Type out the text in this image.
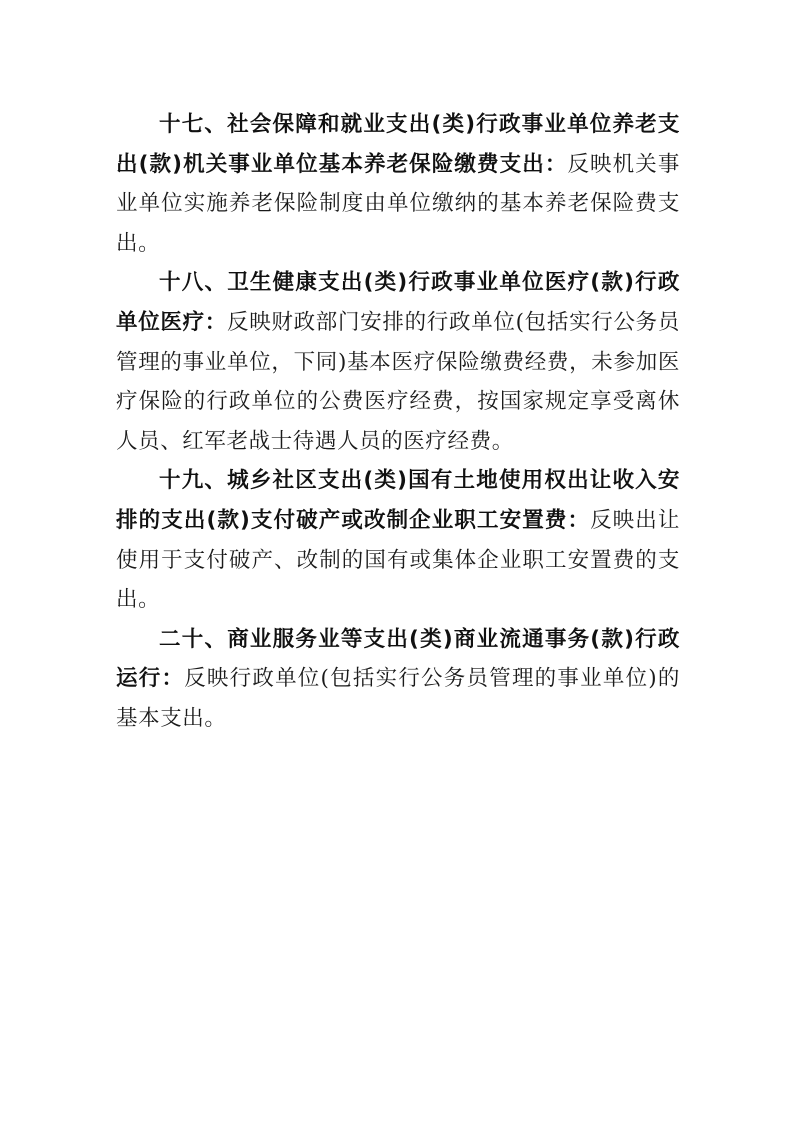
十七、社会保障和就业支出(类)行政事业单位养老支出(款)机关事业单位基本养老保险缴费支出：反映机关事业单位实施养老保险制度由单位缴纳的基本养老保险费支出。

十八、卫生健康支出(类)行政事业单位医疗(款)行政单位医疗：反映财政部门安排的行政单位(包括实行公务员管理的事业单位，下同)基本医疗保险缴费经费，未参加医疗保险的行政单位的公费医疗经费，按国家规定享受离休人员、红军老战士待遇人员的医疗经费。

十九、城乡社区支出(类)国有土地使用权出让收入安排的支出(款)支付破产或改制企业职工安置费：反映出让使用于支付破产、改制的国有或集体企业职工安置费的支出。

二十、商业服务业等支出(类)商业流通事务(款)行政运行：反映行政单位(包括实行公务员管理的事业单位)的基本支出。
